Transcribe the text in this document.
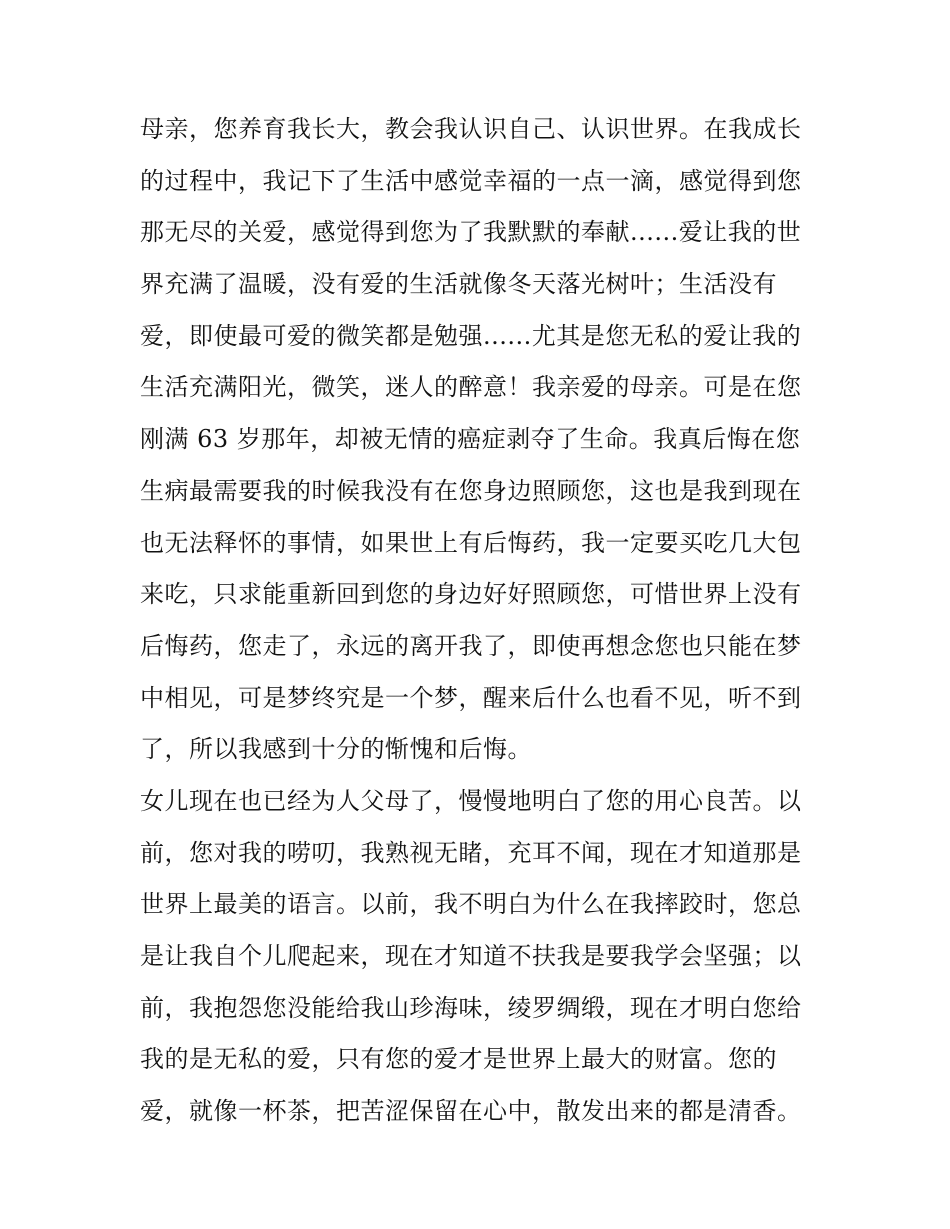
母亲，您养育我长大，教会我认识自己、认识世界。在我成长
的过程中，我记下了生活中感觉幸福的一点一滴，感觉得到您
那无尽的关爱，感觉得到您为了我默默的奉献......爱让我的世
界充满了温暖，没有爱的生活就像冬天落光树叶；生活没有
爱，即使最可爱的微笑都是勉强......尤其是您无私的爱让我的
生活充满阳光，微笑，迷人的醉意！我亲爱的母亲。可是在您
刚满 63 岁那年，却被无情的癌症剥夺了生命。我真后悔在您
生病最需要我的时候我没有在您身边照顾您，这也是我到现在
也无法释怀的事情，如果世上有后悔药，我一定要买吃几大包
来吃，只求能重新回到您的身边好好照顾您，可惜世界上没有
后悔药，您走了，永远的离开我了，即使再想念您也只能在梦
中相见，可是梦终究是一个梦，醒来后什么也看不见，听不到
了，所以我感到十分的惭愧和后悔。
女儿现在也已经为人父母了，慢慢地明白了您的用心良苦。以
前，您对我的唠叨，我熟视无睹，充耳不闻，现在才知道那是
世界上最美的语言。以前，我不明白为什么在我摔跤时，您总
是让我自个儿爬起来，现在才知道不扶我是要我学会坚强；以
前，我抱怨您没能给我山珍海味，绫罗绸缎，现在才明白您给
我的是无私的爱，只有您的爱才是世界上最大的财富。您的
爱，就像一杯茶，把苦涩保留在心中，散发出来的都是清香。
